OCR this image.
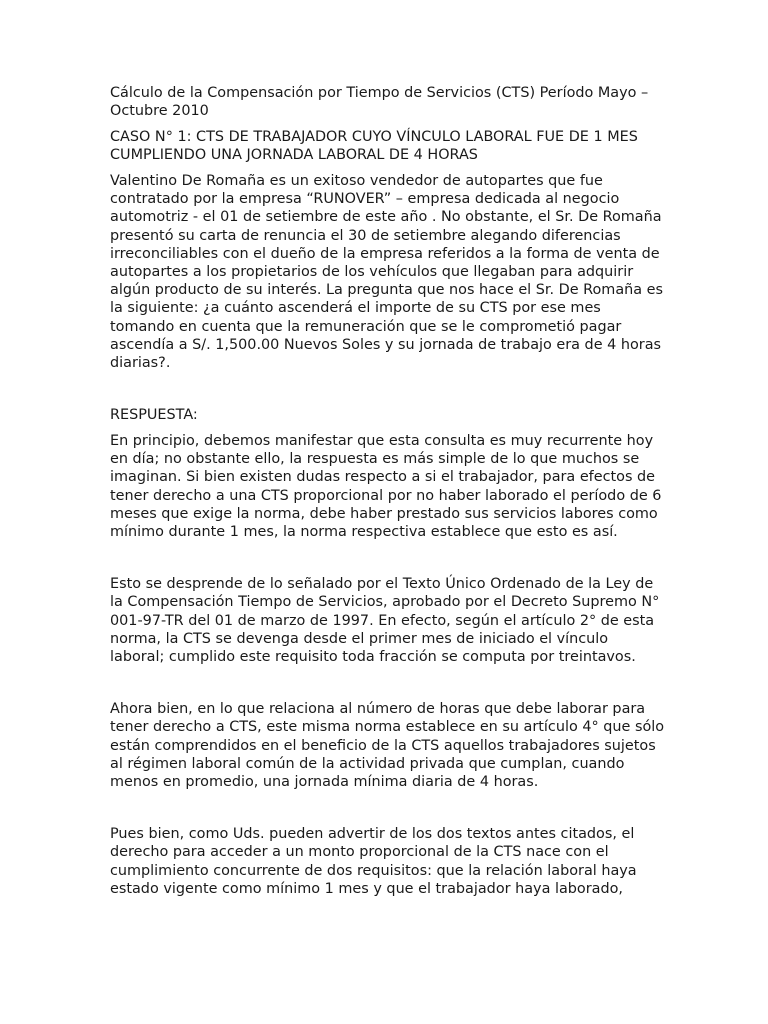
Cálculo de la Compensación por Tiempo de Servicios (CTS) Período Mayo –
Octubre 2010

CASO N° 1: CTS DE TRABAJADOR CUYO VÍNCULO LABORAL FUE DE 1 MES
CUMPLIENDO UNA JORNADA LABORAL DE 4 HORAS

Valentino De Romaña es un exitoso vendedor de autopartes que fue
contratado por la empresa “RUNOVER” – empresa dedicada al negocio
automotriz - el 01 de setiembre de este año . No obstante, el Sr. De Romaña
presentó su carta de renuncia el 30 de setiembre alegando diferencias
irreconciliables con el dueño de la empresa referidos a la forma de venta de
autopartes a los propietarios de los vehículos que llegaban para adquirir
algún producto de su interés. La pregunta que nos hace el Sr. De Romaña es
la siguiente: ¿a cuánto ascenderá el importe de su CTS por ese mes
tomando en cuenta que la remuneración que se le comprometió pagar
ascendía a S/. 1,500.00 Nuevos Soles y su jornada de trabajo era de 4 horas
diarias?.

RESPUESTA:

En principio, debemos manifestar que esta consulta es muy recurrente hoy
en día; no obstante ello, la respuesta es más simple de lo que muchos se
imaginan. Si bien existen dudas respecto a si el trabajador, para efectos de
tener derecho a una CTS proporcional por no haber laborado el período de 6
meses que exige la norma, debe haber prestado sus servicios labores como
mínimo durante 1 mes, la norma respectiva establece que esto es así.

Esto se desprende de lo señalado por el Texto Único Ordenado de la Ley de
la Compensación Tiempo de Servicios, aprobado por el Decreto Supremo N°
001-97-TR del 01 de marzo de 1997. En efecto, según el artículo 2° de esta
norma, la CTS se devenga desde el primer mes de iniciado el vínculo
laboral; cumplido este requisito toda fracción se computa por treintavos.

Ahora bien, en lo que relaciona al número de horas que debe laborar para
tener derecho a CTS, este misma norma establece en su artículo 4° que sólo
están comprendidos en el beneficio de la CTS aquellos trabajadores sujetos
al régimen laboral común de la actividad privada que cumplan, cuando
menos en promedio, una jornada mínima diaria de 4 horas.

Pues bien, como Uds. pueden advertir de los dos textos antes citados, el
derecho para acceder a un monto proporcional de la CTS nace con el
cumplimiento concurrente de dos requisitos: que la relación laboral haya
estado vigente como mínimo 1 mes y que el trabajador haya laborado,
